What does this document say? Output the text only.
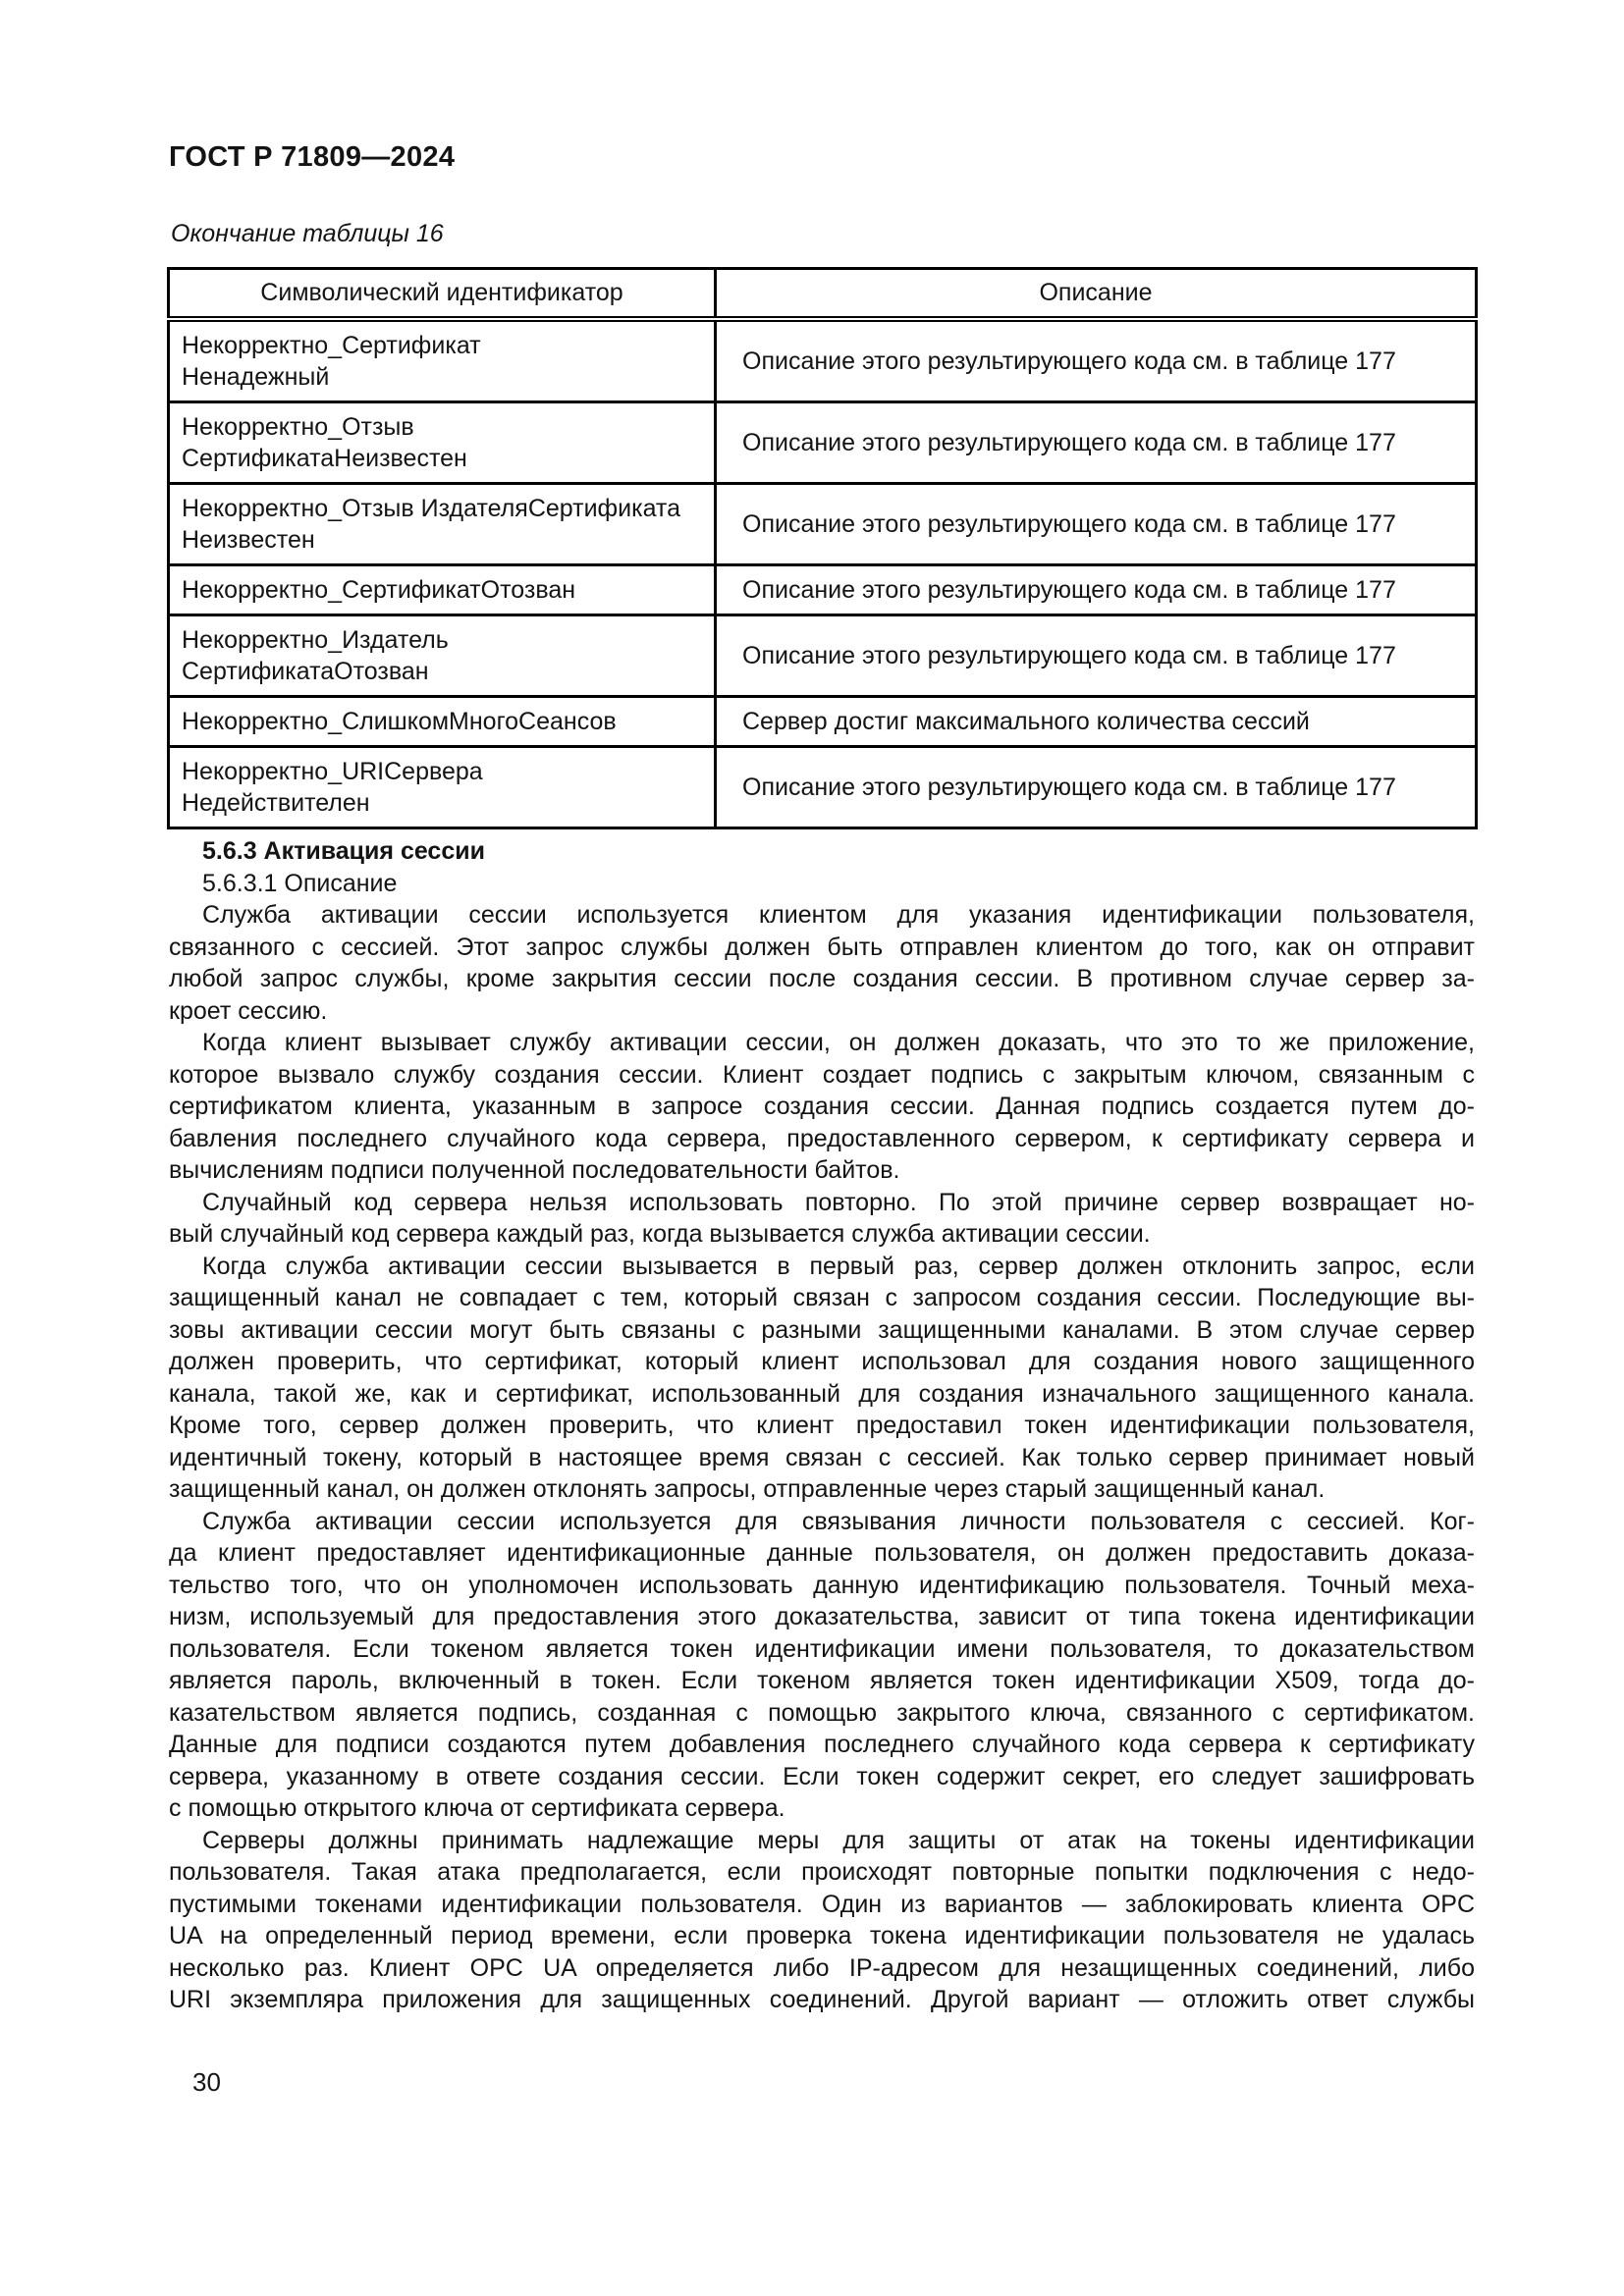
ГОСТ Р 71809—2024
Окончание таблицы 16
Символический идентификатор	Описание

Некорректно_Сертификат
Ненадежный	Описание этого результирующего кода см. в таблице 177

Некорректно_Отзыв
СертификатаНеизвестен	Описание этого результирующего кода см. в таблице 177

Некорректно_Отзыв ИздателяСертификата
Неизвестен	Описание этого результирующего кода см. в таблице 177

Некорректно_СертификатОтозван	Описание этого результирующего кода см. в таблице 177

Некорректно_Издатель
СертификатаОтозван	Описание этого результирующего кода см. в таблице 177

Некорректно_СлишкомМногоСеансов	Сервер достиг максимального количества сессий

Некорректно_URIСервера
Недействителен	Описание этого результирующего кода см. в таблице 177
5.6.3 Активация сессии
5.6.3.1 Описание
Служба активации сессии используется клиентом для указания идентификации пользователя,
связанного с сессией. Этот запрос службы должен быть отправлен клиентом до того, как он отправит
любой запрос службы, кроме закрытия сессии после создания сессии. В противном случае сервер за-
кроет сессию.
Когда клиент вызывает службу активации сессии, он должен доказать, что это то же приложение,
которое вызвало службу создания сессии. Клиент создает подпись с закрытым ключом, связанным с
сертификатом клиента, указанным в запросе создания сессии. Данная подпись создается путем до-
бавления последнего случайного кода сервера, предоставленного сервером, к сертификату сервера и
вычислениям подписи полученной последовательности байтов.
Случайный код сервера нельзя использовать повторно. По этой причине сервер возвращает но-
вый случайный код сервера каждый раз, когда вызывается служба активации сессии.
Когда служба активации сессии вызывается в первый раз, сервер должен отклонить запрос, если
защищенный канал не совпадает с тем, который связан с запросом создания сессии. Последующие вы-
зовы активации сессии могут быть связаны с разными защищенными каналами. В этом случае сервер
должен проверить, что сертификат, который клиент использовал для создания нового защищенного
канала, такой же, как и сертификат, использованный для создания изначального защищенного канала.
Кроме того, сервер должен проверить, что клиент предоставил токен идентификации пользователя,
идентичный токену, который в настоящее время связан с сессией. Как только сервер принимает новый
защищенный канал, он должен отклонять запросы, отправленные через старый защищенный канал.
Служба активации сессии используется для связывания личности пользователя с сессией. Ког-
да клиент предоставляет идентификационные данные пользователя, он должен предоставить доказа-
тельство того, что он уполномочен использовать данную идентификацию пользователя. Точный меха-
низм, используемый для предоставления этого доказательства, зависит от типа токена идентификации
пользователя. Если токеном является токен идентификации имени пользователя, то доказательством
является пароль, включенный в токен. Если токеном является токен идентификации X509, тогда до-
казательством является подпись, созданная с помощью закрытого ключа, связанного с сертификатом.
Данные для подписи создаются путем добавления последнего случайного кода сервера к сертификату
сервера, указанному в ответе создания сессии. Если токен содержит секрет, его следует зашифровать
с помощью открытого ключа от сертификата сервера.
Серверы должны принимать надлежащие меры для защиты от атак на токены идентификации
пользователя. Такая атака предполагается, если происходят повторные попытки подключения с недо-
пустимыми токенами идентификации пользователя. Один из вариантов — заблокировать клиента OPC
UA на определенный период времени, если проверка токена идентификации пользователя не удалась
несколько раз. Клиент OPC UA определяется либо IP-адресом для незащищенных соединений, либо
URI экземпляра приложения для защищенных соединений. Другой вариант — отложить ответ службы
30
